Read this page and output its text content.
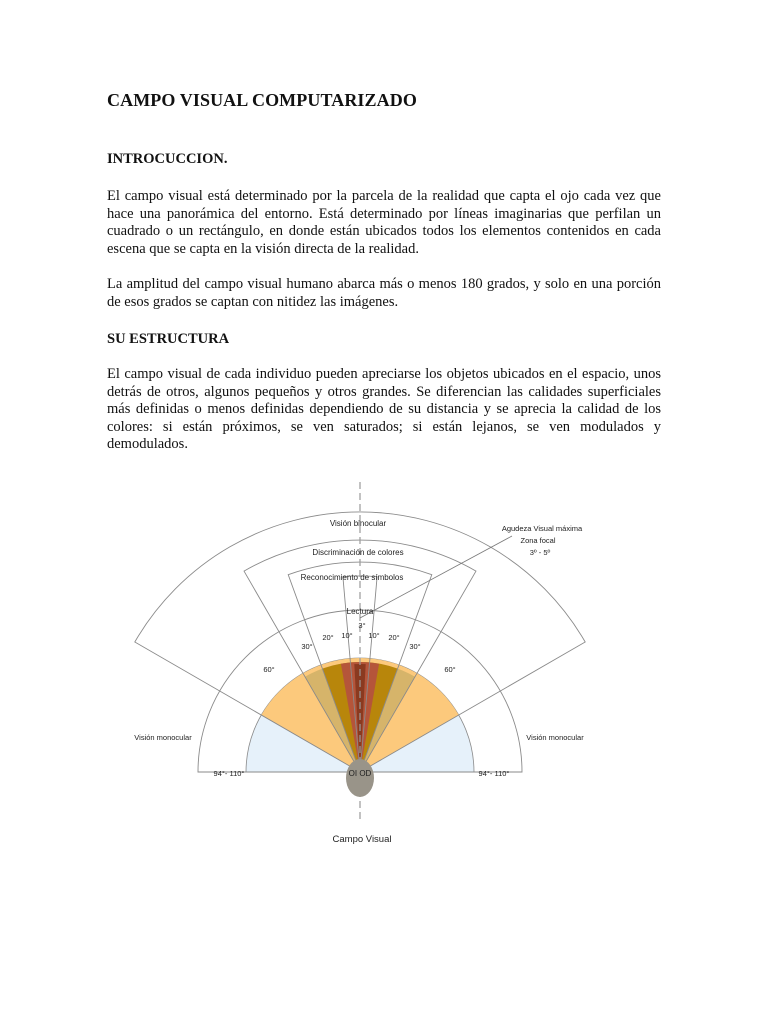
CAMPO VISUAL COMPUTARIZADO
INTROCUCCION.

El campo visual está determinado por la parcela de la realidad que capta el ojo cada vez que hace una panorámica del entorno. Está determinado por líneas imaginarias que perfilan un cuadrado o un rectángulo, en donde están ubicados todos los elementos contenidos en cada escena que se capta en la visión directa de la realidad.

La amplitud del campo visual humano abarca más o menos 180 grados, y solo en una porción de esos grados se captan con nitidez las imágenes.

SU ESTRUCTURA

El campo visual de cada individuo pueden apreciarse los objetos ubicados en el espacio, unos detrás de otros, algunos pequeños y otros grandes. Se diferencian las calidades superficiales más definidas o menos definidas dependiendo de su distancia y se aprecia la calidad de los colores: si están próximos, se ven saturados; si están lejanos, se ven modulados y demodulados.

OI OD
Visión binocular
Discriminación de colores
Reconocimiento de símbolos
Lectura
Agudeza Visual máxima
Zona focal
3º - 5º
3°
10° 10°
20°	20°
30°	30°
60°	60°
Visión monocular	Visión monocular
94°- 110°	94°- 110°
Campo Visual
